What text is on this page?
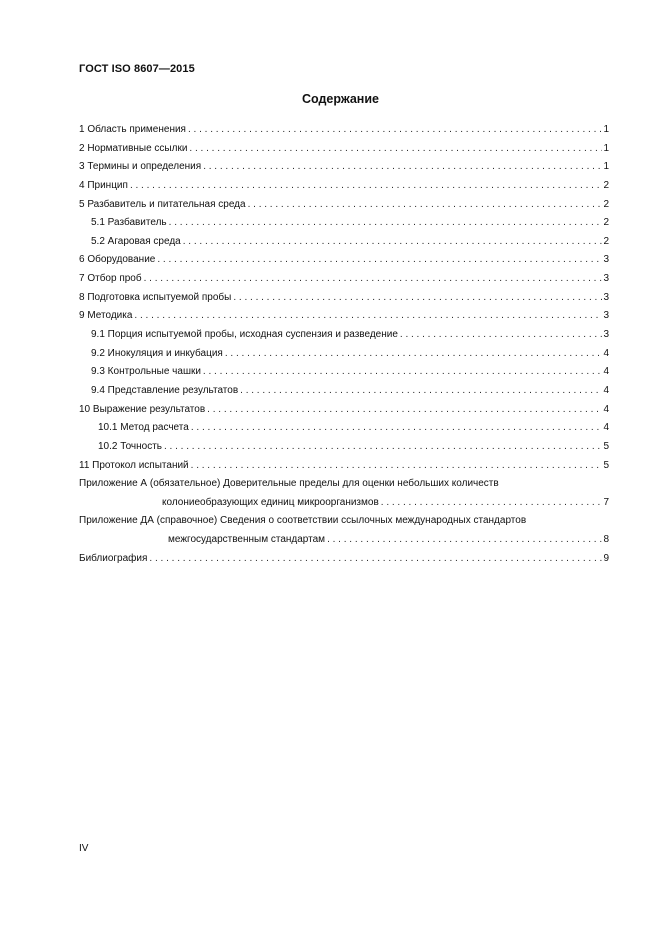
ГОСТ ISO 8607—2015
Содержание
1 Область применения . . .	1
2 Нормативные ссылки . . .	1
3 Термины и определения . . .	1
4 Принцип . . .	2
5 Разбавитель и питательная среда . . .	2
5.1 Разбавитель . . .	2
5.2 Агаровая среда . . .	2
6 Оборудование . . .	3
7 Отбор проб . . .	3
8 Подготовка испытуемой пробы . . .	3
9 Методика . . .	3
9.1 Порция испытуемой пробы, исходная суспензия и разведение . . .	3
9.2 Инокуляция и инкубация . . .	4
9.3 Контрольные чашки . . .	4
9.4 Представление результатов . . .	4
10 Выражение результатов . . .	4
10.1 Метод расчета . . .	4
10.2 Точность . . .	5
11 Протокол испытаний . . .	5
Приложение А (обязательное) Доверительные пределы для оценки небольших количеств
колониеобразующих единиц микроорганизмов . . .	7
Приложение ДА (справочное) Сведения о соответствии ссылочных международных стандартов
межгосударственным стандартам . . .	8
Библиография . . .	9
IV
